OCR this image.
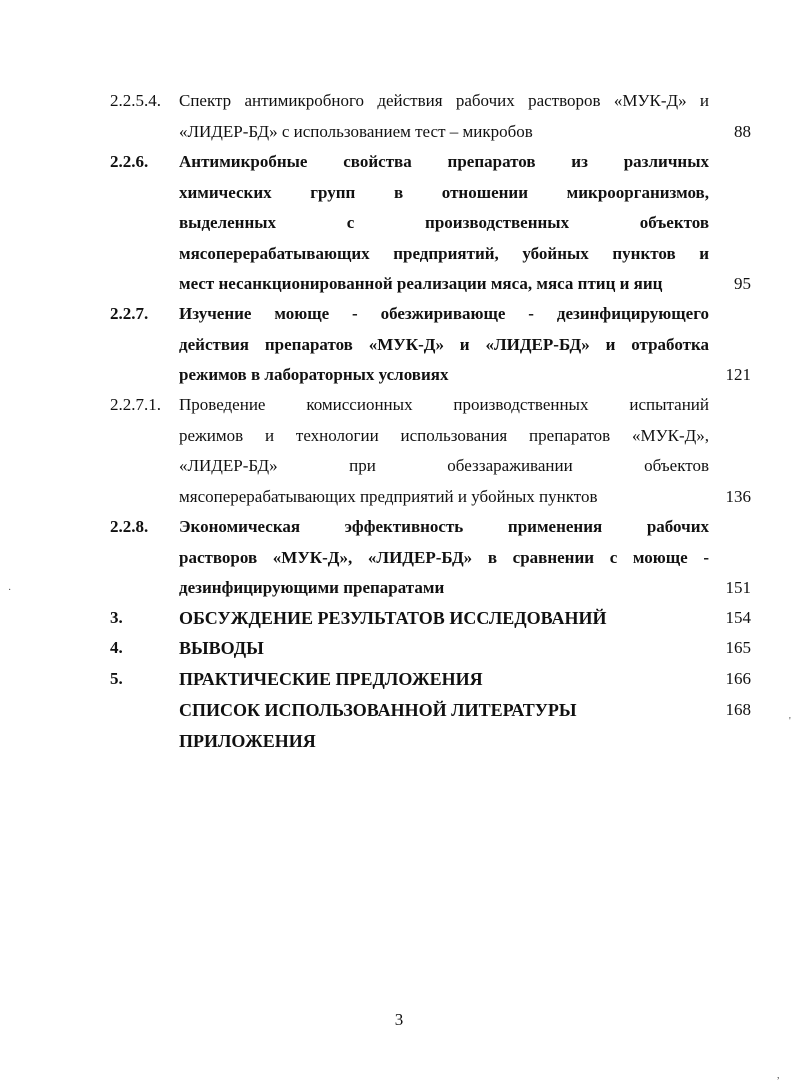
2.2.5.4. Спектр антимикробного действия рабочих растворов «МУК-Д» и
«ЛИДЕР-БД» с использованием тест – микробов	88
2.2.6. Антимикробные свойства препаратов из различных
химических групп в отношении микроорганизмов,
выделенных с производственных объектов
мясоперерабатывающих предприятий, убойных пунктов и
мест несанкционированной реализации мяса, мяса птиц и яиц	95
2.2.7. Изучение моюще - обезжиривающе - дезинфицирующего
действия препаратов «МУК-Д» и «ЛИДЕР-БД» и отработка
режимов в лабораторных условиях	121
2.2.7.1. Проведение комиссионных производственных испытаний
режимов и технологии использования препаратов «МУК-Д»,
«ЛИДЕР-БД» при обеззараживании объектов
мясоперерабатывающих предприятий и убойных пунктов	136
2.2.8. Экономическая эффективность применения рабочих
растворов «МУК-Д», «ЛИДЕР-БД» в сравнении с моюще -
дезинфицирующими препаратами	151
3.	ОБСУЖДЕНИЕ РЕЗУЛЬТАТОВ ИССЛЕДОВАНИЙ	154
4.	ВЫВОДЫ	165
5.	ПРАКТИЧЕСКИЕ ПРЕДЛОЖЕНИЯ	166
СПИСОК ИСПОЛЬЗОВАННОЙ ЛИТЕРАТУРЫ	168
ПРИЛОЖЕНИЯ
·
'
,
3
